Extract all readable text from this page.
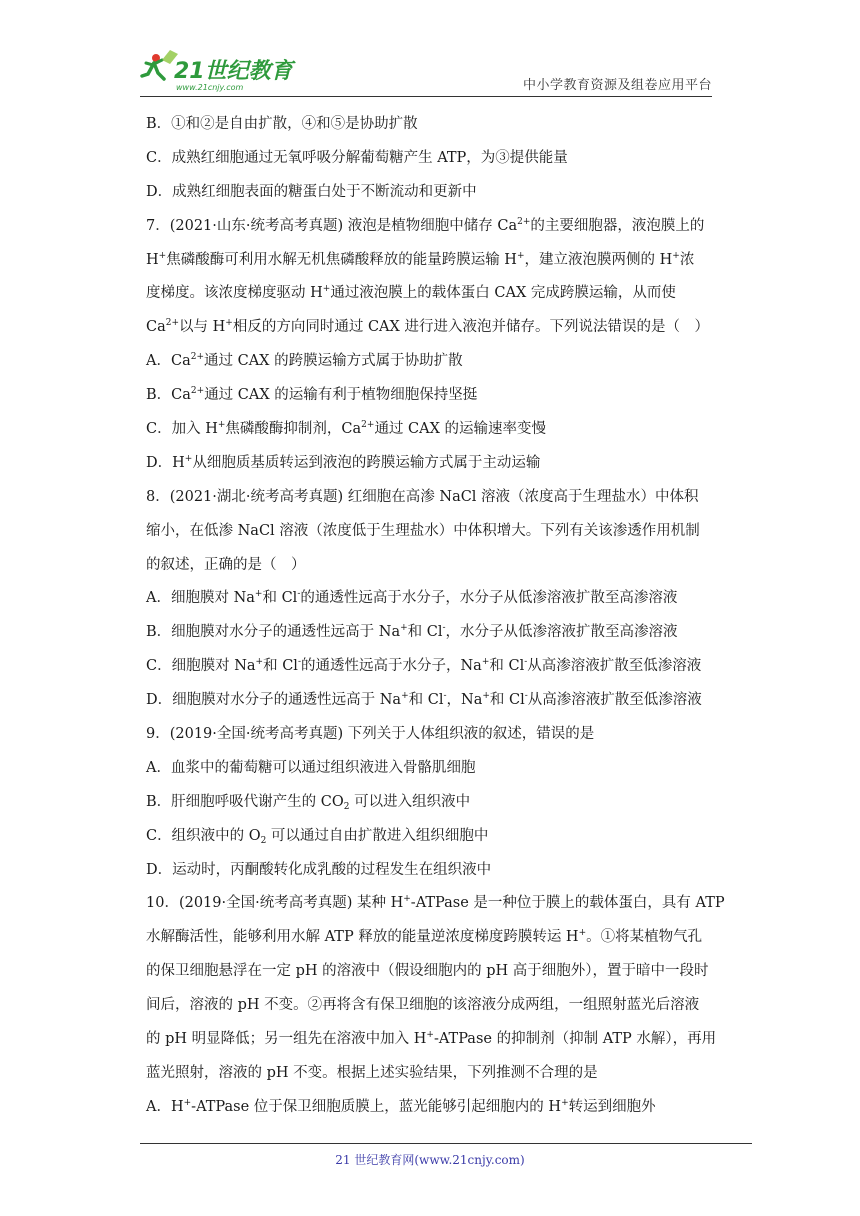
21世纪教育
www.21cnjy.com	中小学教育资源及组卷应用平台
B．①和②是自由扩散，④和⑤是协助扩散
C．成熟红细胞通过无氧呼吸分解葡萄糖产生 ATP，为③提供能量
D．成熟红细胞表面的糖蛋白处于不断流动和更新中
7．(2021·山东·统考高考真题) 液泡是植物细胞中储存 $Ca^{2+}$的主要细胞器，液泡膜上的
H+焦磷酸酶可利用水解无机焦磷酸释放的能量跨膜运输 H+，建立液泡膜两侧的 H+浓
度梯度。该浓度梯度驱动 H+通过液泡膜上的载体蛋白 CAX 完成跨膜运输，从而使
$Ca^{2+}$以与 H+相反的方向同时通过 CAX 进行进入液泡并储存。下列说法错误的是（　）
A．$Ca^{2+}$通过 CAX 的跨膜运输方式属于协助扩散
B．$Ca^{2+}$通过 CAX 的运输有利于植物细胞保持坚挺
C．加入 H+焦磷酸酶抑制剂，$Ca^{2+}$通过 CAX 的运输速率变慢
D．H+从细胞质基质转运到液泡的跨膜运输方式属于主动运输
8．(2021·湖北·统考高考真题) 红细胞在高渗 NaCl 溶液（浓度高于生理盐水）中体积
缩小，在低渗 NaCl 溶液（浓度低于生理盐水）中体积增大。下列有关该渗透作用机制
的叙述，正确的是（　）
A．细胞膜对 Na+和 Cl-的通透性远高于水分子，水分子从低渗溶液扩散至高渗溶液
B．细胞膜对水分子的通透性远高于 Na+和 Cl-，水分子从低渗溶液扩散至高渗溶液
C．细胞膜对 Na+和 Cl-的通透性远高于水分子，Na+和 Cl-从高渗溶液扩散至低渗溶液
D．细胞膜对水分子的通透性远高于 Na+和 Cl-，Na+和 Cl-从高渗溶液扩散至低渗溶液
9．(2019·全国·统考高考真题) 下列关于人体组织液的叙述，错误的是
A．血浆中的葡萄糖可以通过组织液进入骨骼肌细胞
B．肝细胞呼吸代谢产生的 $CO_2$ 可以进入组织液中
C．组织液中的 $O_2$ 可以通过自由扩散进入组织细胞中
D．运动时，丙酮酸转化成乳酸的过程发生在组织液中
10．(2019·全国·统考高考真题) 某种 H+-ATPase 是一种位于膜上的载体蛋白，具有 ATP
水解酶活性，能够利用水解 ATP 释放的能量逆浓度梯度跨膜转运 H+。①将某植物气孔
的保卫细胞悬浮在一定 pH 的溶液中（假设细胞内的 pH 高于细胞外），置于暗中一段时
间后，溶液的 pH 不变。②再将含有保卫细胞的该溶液分成两组，一组照射蓝光后溶液
的 pH 明显降低；另一组先在溶液中加入 H+-ATPase 的抑制剂（抑制 ATP 水解），再用
蓝光照射，溶液的 pH 不变。根据上述实验结果，下列推测不合理的是
A．H+-ATPase 位于保卫细胞质膜上，蓝光能够引起细胞内的 H+转运到细胞外
21 世纪教育网(www.21cnjy.com)
